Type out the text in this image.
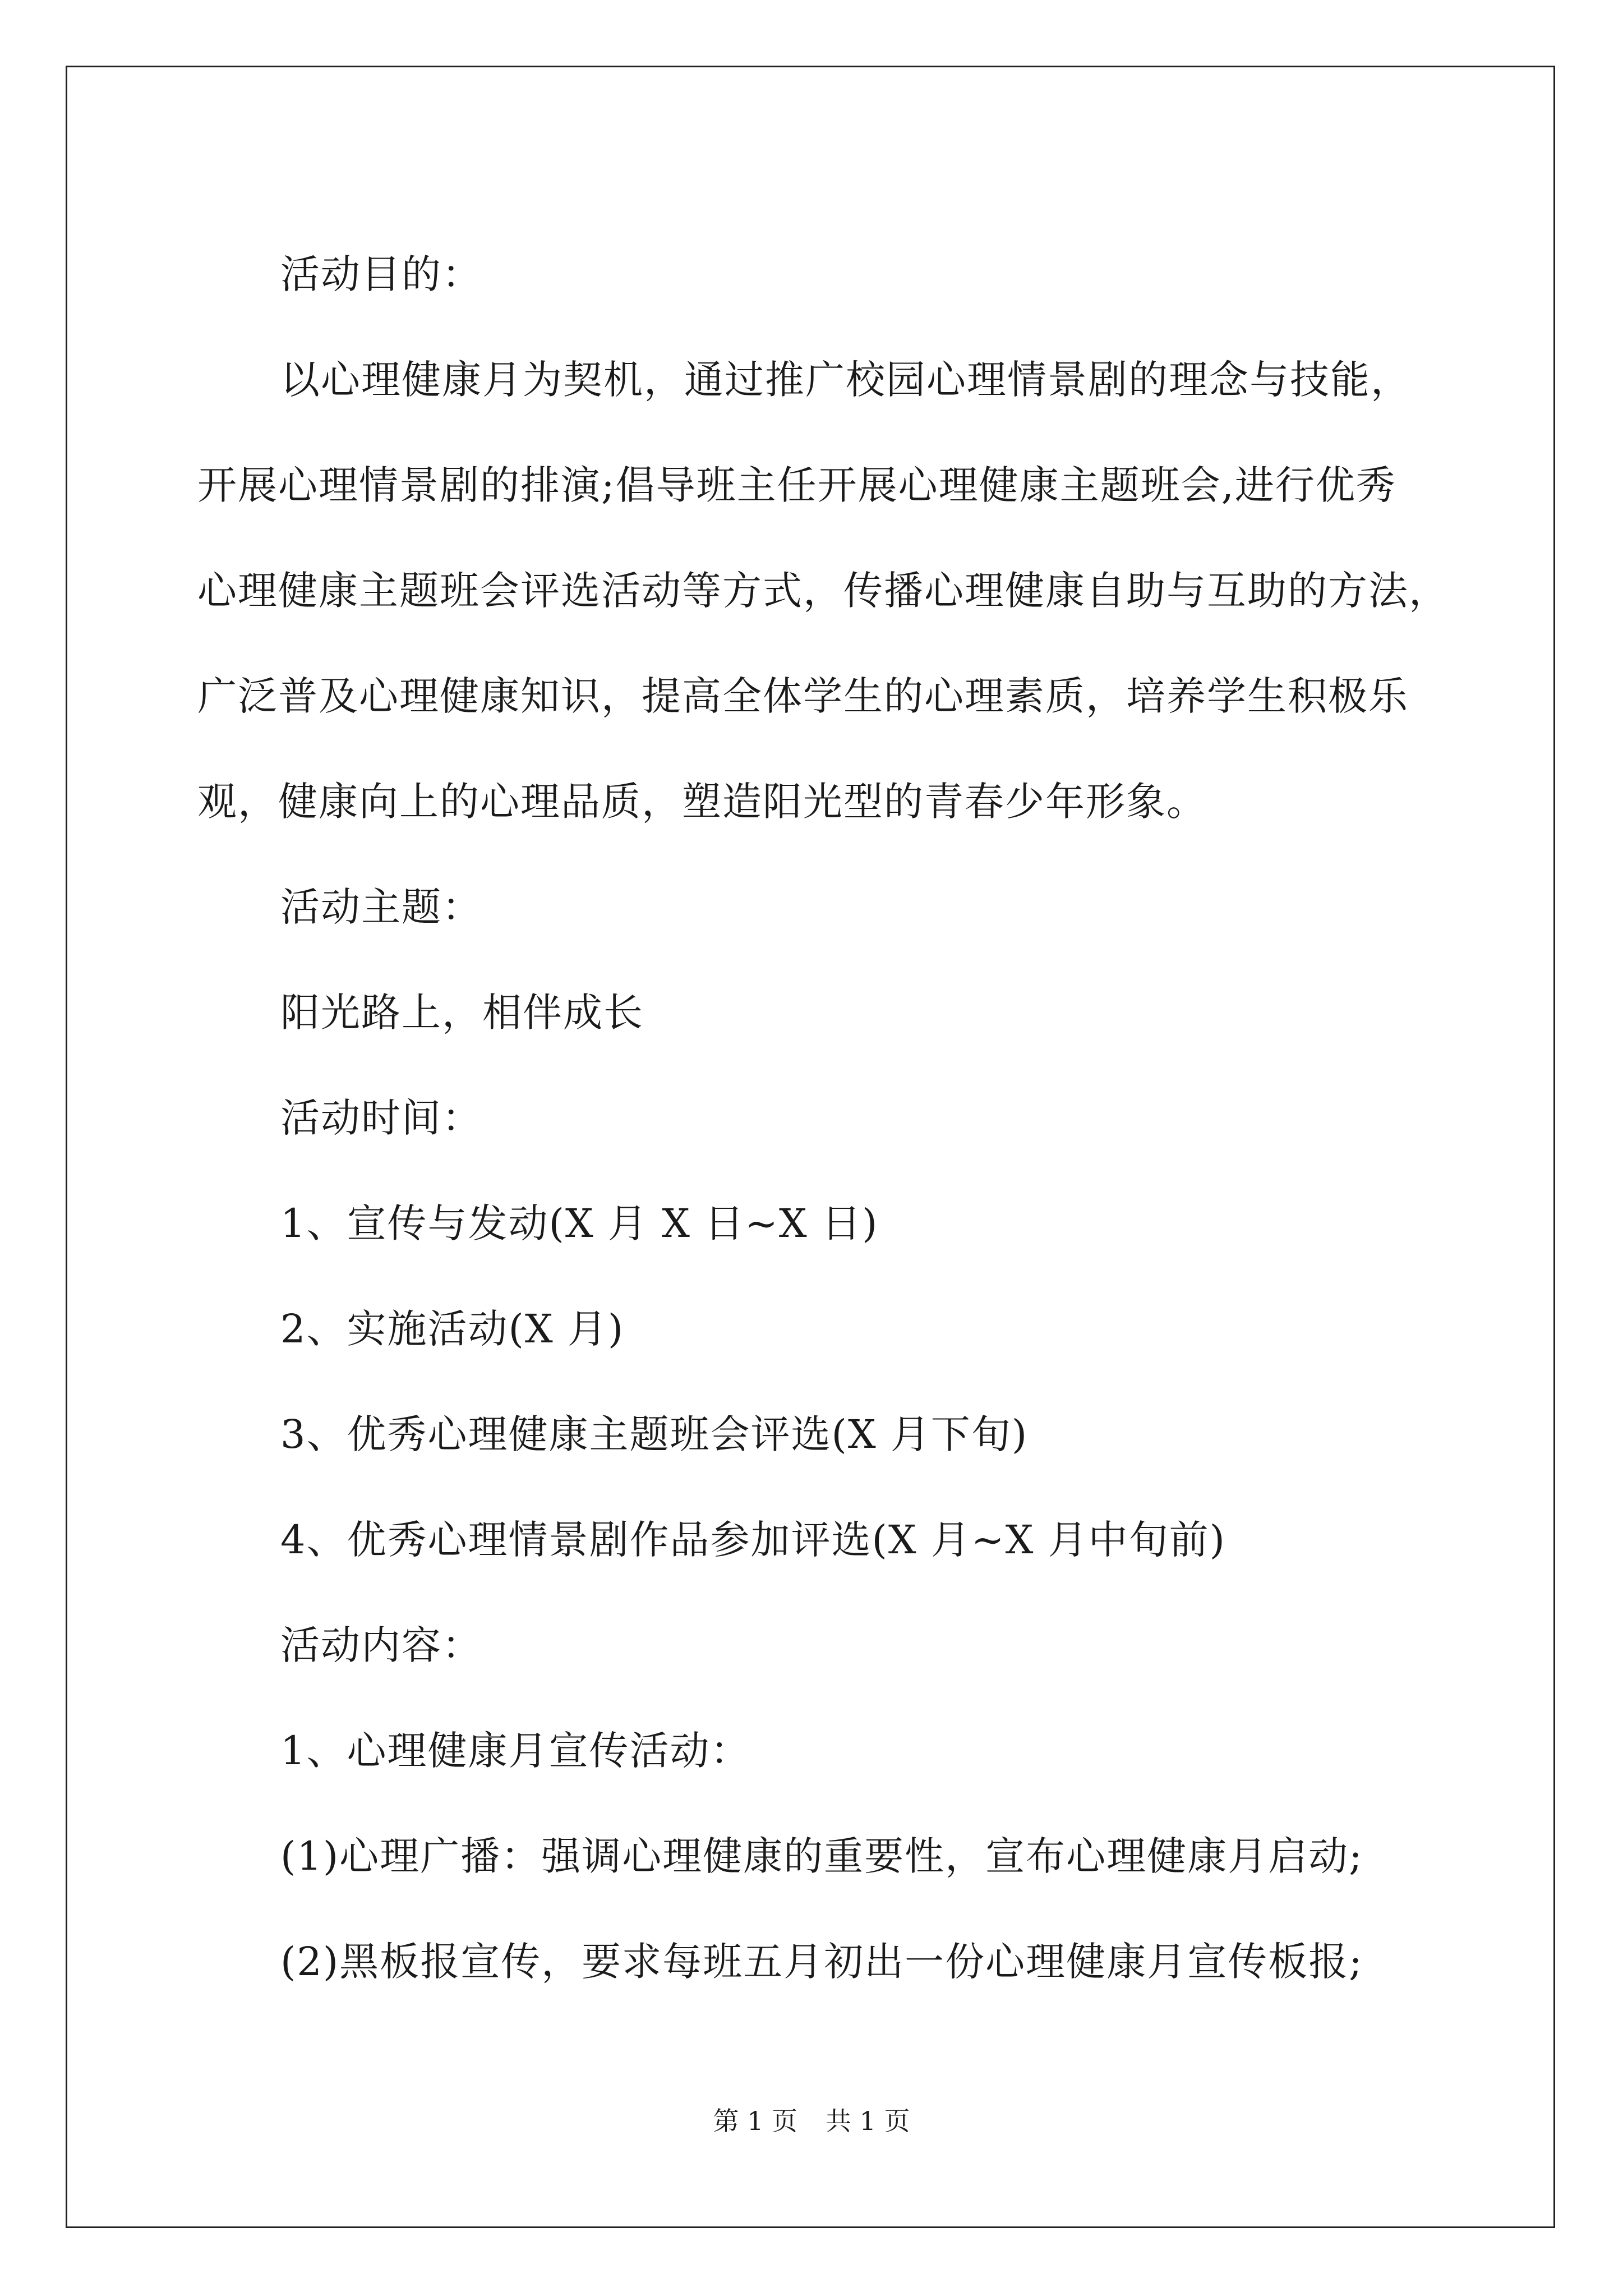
活动目的：

以心理健康月为契机，通过推广校园心理情景剧的理念与技能，

开展心理情景剧的排演;倡导班主任开展心理健康主题班会,进行优秀

心理健康主题班会评选活动等方式，传播心理健康自助与互助的方法，

广泛普及心理健康知识，提高全体学生的心理素质，培养学生积极乐

观，健康向上的心理品质，塑造阳光型的青春少年形象。

活动主题：

阳光路上，相伴成长

活动时间：

1、宣传与发动(X 月 X 日~X 日)

2、实施活动(X 月)

3、优秀心理健康主题班会评选(X 月下旬)

4、优秀心理情景剧作品参加评选(X 月~X 月中旬前)

活动内容：

1、心理健康月宣传活动：

(1)心理广播：强调心理健康的重要性，宣布心理健康月启动;

(2)黑板报宣传，要求每班五月初出一份心理健康月宣传板报;

第 1 页 共 1 页
